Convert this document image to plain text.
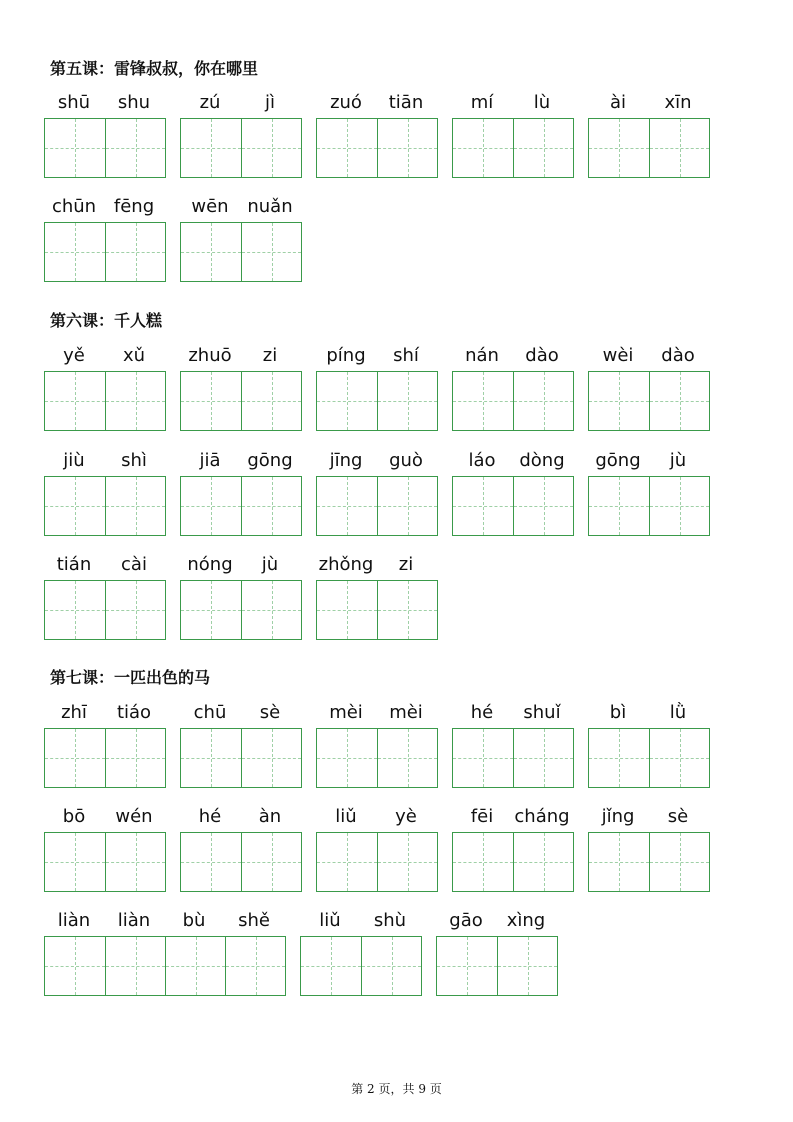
第五课：雷锋叔叔，你在哪里
shū	shu	zú	jì	zuó	tiān	mí	lù	ài	xīn
chūn fēng	wēn	nuǎn
第六课：千人糕
yě	xǔ	zhuō	zi	píng	shí	nán	dào	wèi	dào
jiù	shì	jiā	gōng	jīng	guò	láo	dòng	gōng	jù
tián	cài	nóng	jù	zhǒng	zi
第七课：一匹出色的马
zhī	tiáo	chū	sè	mèi	mèi	hé	shuǐ	bì	lǜ
bō	wén	hé	àn	liǔ	yè	fēi	cháng	jǐng	sè
liàn	liàn	bù	shě	liǔ	shù	gāo	xìng
第 2 页，共 9 页
